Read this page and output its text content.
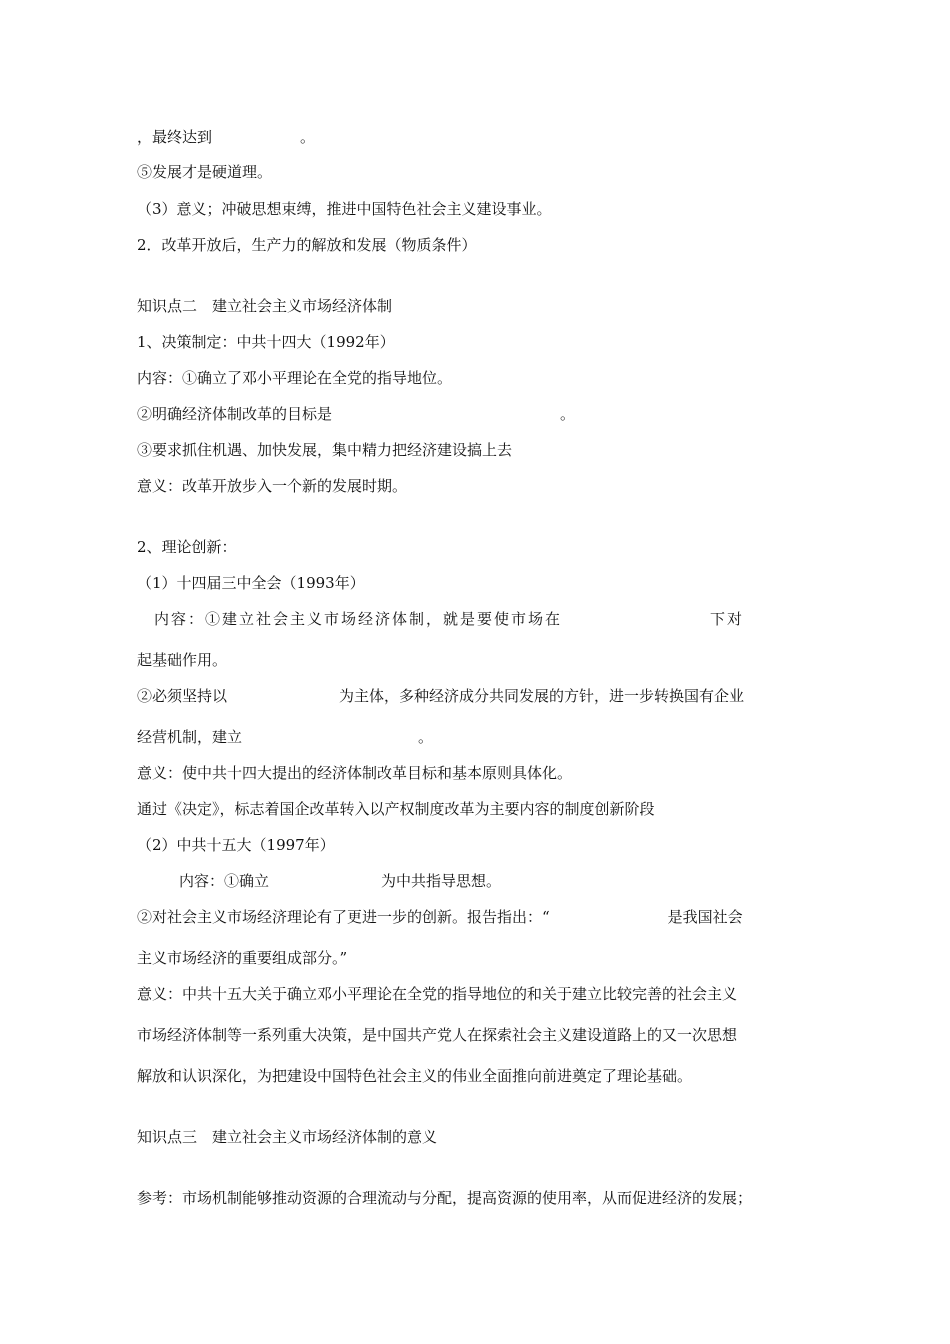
，最终达到	。
⑤发展才是硬道理。
（3）意义；冲破思想束缚，推进中国特色社会主义建设事业。
2．改革开放后，生产力的解放和发展（物质条件）
知识点二　建立社会主义市场经济体制
1、决策制定：中共十四大（1992年）
内容：①确立了邓小平理论在全党的指导地位。
②明确经济体制改革的目标是	。
③要求抓住机遇、加快发展，集中精力把经济建设搞上去
意义：改革开放步入一个新的发展时期。
2、理论创新：
（1）十四届三中全会（1993年）
内容：①建立社会主义市场经济体制，就是要使市场在	下对
起基础作用。
②必须坚持以	为主体，多种经济成分共同发展的方针，进一步转换国有企业
经营机制，建立	。
意义：使中共十四大提出的经济体制改革目标和基本原则具体化。
通过《决定》，标志着国企改革转入以产权制度改革为主要内容的制度创新阶段
（2）中共十五大（1997年）
内容：①确立	为中共指导思想。
②对社会主义市场经济理论有了更进一步的创新。报告指出：“	是我国社会
主义市场经济的重要组成部分。”
意义：中共十五大关于确立邓小平理论在全党的指导地位的和关于建立比较完善的社会主义
市场经济体制等一系列重大决策，是中国共产党人在探索社会主义建设道路上的又一次思想
解放和认识深化，为把建设中国特色社会主义的伟业全面推向前进奠定了理论基础。
知识点三　建立社会主义市场经济体制的意义
参考：市场机制能够推动资源的合理流动与分配，提高资源的使用率，从而促进经济的发展；
